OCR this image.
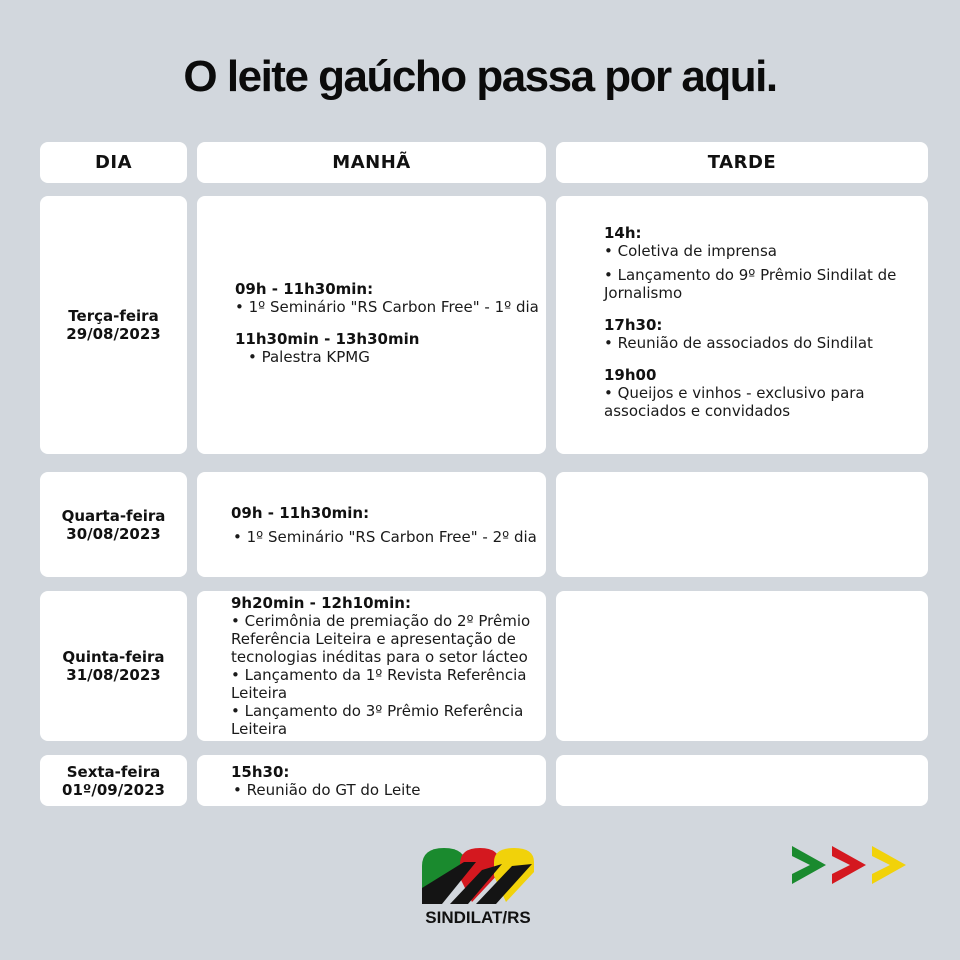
O leite gaúcho passa por aqui.
DIA	MANHÃ	TARDE
Terça-feira
29/08/2023
09h - 11h30min:
• 1º Seminário "RS Carbon Free" - 1º dia
11h30min - 13h30min
• Palestra KPMG
14h:
• Coletiva de imprensa
• Lançamento do 9º Prêmio Sindilat de Jornalismo
17h30:
• Reunião de associados do Sindilat
19h00
• Queijos e vinhos - exclusivo para associados e convidados
Quarta-feira
30/08/2023
09h - 11h30min:
• 1º Seminário "RS Carbon Free" - 2º dia
Quinta-feira
31/08/2023
9h20min - 12h10min:
• Cerimônia de premiação do 2º Prêmio Referência Leiteira e apresentação de tecnologias inéditas para o setor lácteo
• Lançamento da 1º Revista Referência Leiteira
• Lançamento do 3º Prêmio Referência Leiteira
Sexta-feira
01º/09/2023
15h30:
• Reunião do GT do Leite
SINDILAT/RS
